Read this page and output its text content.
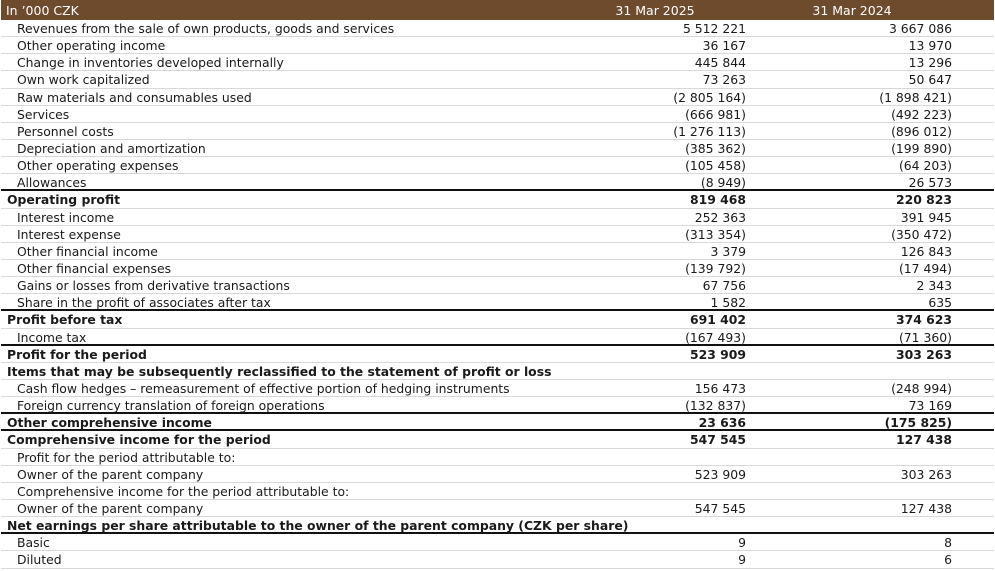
In ’000 CZK	31 Mar 2025	31 Mar 2024
Revenues from the sale of own products, goods and services	5 512 221	3 667 086
Other operating income	36 167	13 970
Change in inventories developed internally	445 844	13 296
Own work capitalized	73 263	50 647
Raw materials and consumables used	(2 805 164)	(1 898 421)
Services	(666 981)	(492 223)
Personnel costs	(1 276 113)	(896 012)
Depreciation and amortization	(385 362)	(199 890)
Other operating expenses	(105 458)	(64 203)
Allowances	(8 949)	26 573
Operating profit	819 468	220 823
Interest income	252 363	391 945
Interest expense	(313 354)	(350 472)
Other financial income	3 379	126 843
Other financial expenses	(139 792)	(17 494)
Gains or losses from derivative transactions	67 756	2 343
Share in the profit of associates after tax	1 582	635
Profit before tax	691 402	374 623
Income tax	(167 493)	(71 360)
Profit for the period	523 909	303 263
Items that may be subsequently reclassified to the statement of profit or loss
Cash flow hedges – remeasurement of effective portion of hedging instruments	156 473	(248 994)
Foreign currency translation of foreign operations	(132 837)	73 169
Other comprehensive income	23 636	(175 825)
Comprehensive income for the period	547 545	127 438
Profit for the period attributable to:
Owner of the parent company	523 909	303 263
Comprehensive income for the period attributable to:
Owner of the parent company	547 545	127 438
Net earnings per share attributable to the owner of the parent company (CZK per share)
Basic	9	8
Diluted	9	6
